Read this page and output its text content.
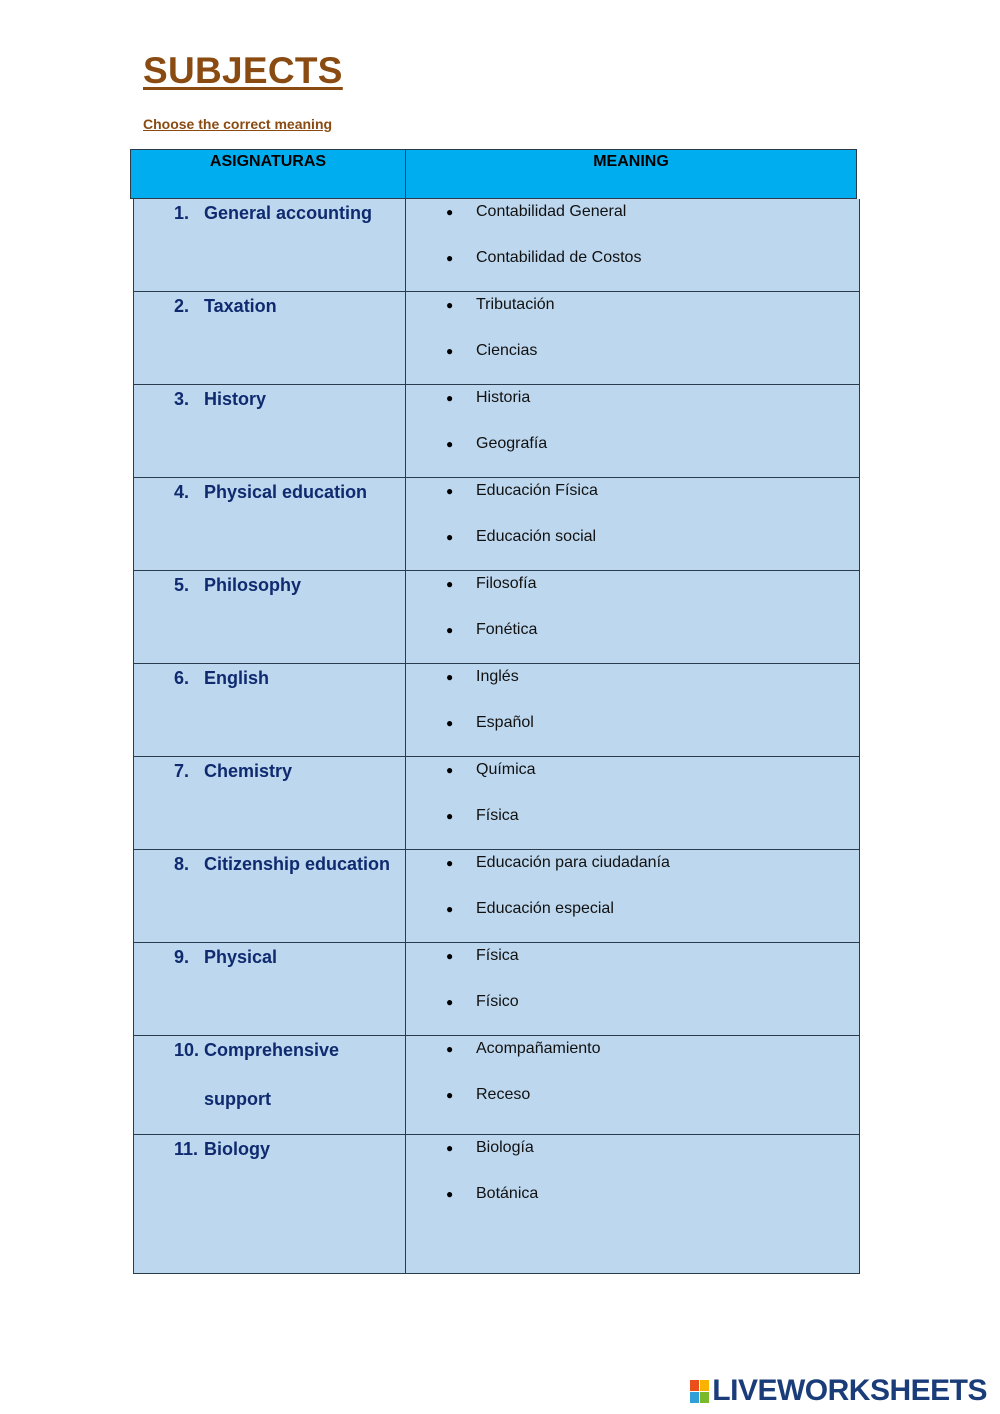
SUBJECTS

Choose the correct meaning

ASIGNATURAS	MEANING
1. General accounting	●	Contabilidad General
●	Contabilidad de Costos
2. Taxation	●	Tributación
●	Ciencias
3. History	●	Historia
●	Geografía
4. Physical education	●	Educación Física
●	Educación social
5. Philosophy	●	Filosofía
●	Fonética
6. English	●	Inglés
●	Español
7. Chemistry	●	Química
●	Física
8. Citizenship education	●	Educación para ciudadanía
●	Educación especial
9. Physical	●	Física
●	Físico
10. Comprehensive
support
●	Acompañamiento
●	Receso
11. Biology	●	Biología
●	Botánica
LIVEWORKSHEETS
